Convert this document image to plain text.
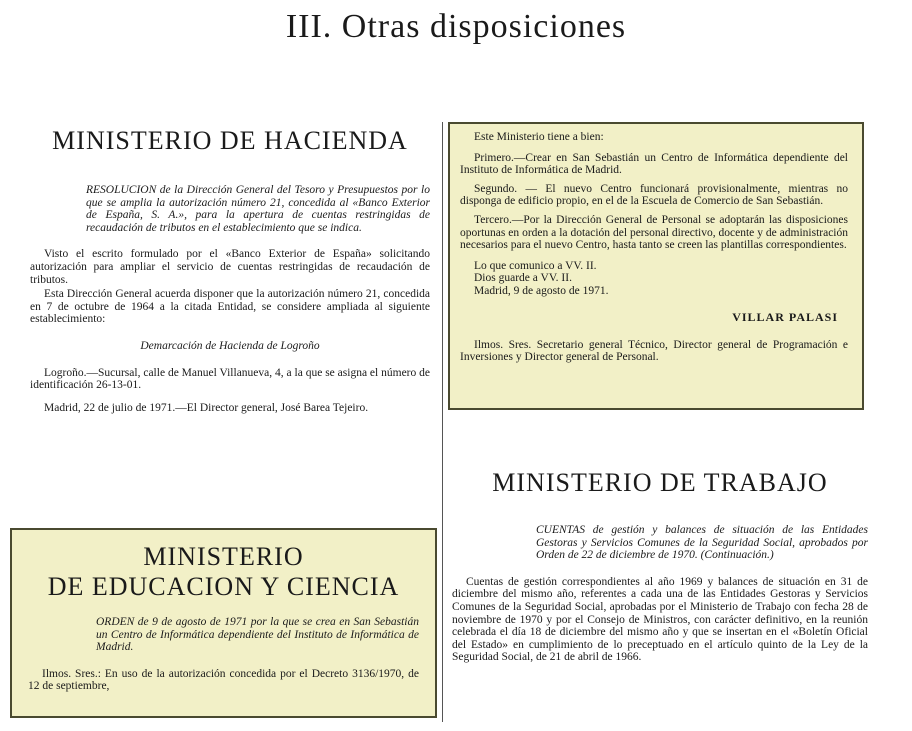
III. Otras disposiciones
MINISTERIO DE HACIENDA

RESOLUCION de la Dirección General del Tesoro y Presupuestos por lo que se amplia la autorización número 21, concedida al «Banco Exterior de España, S. A.», para la apertura de cuentas restringidas de recaudación de tributos en el establecimiento que se indica.

Visto el escrito formulado por el «Banco Exterior de España» solicitando autorización para ampliar el servicio de cuentas restringidas de recaudación de tributos.

Esta Dirección General acuerda disponer que la autorización número 21, concedida en 7 de octubre de 1964 a la citada Entidad, se considere ampliada al siguiente establecimiento:

Demarcación de Hacienda de Logroño

Logroño.—Sucursal, calle de Manuel Villanueva, 4, a la que se asigna el número de identificación 26-13-01.

Madrid, 22 de julio de 1971.—El Director general, José Barea Tejeiro.

MINISTERIO
DE EDUCACION Y CIENCIA

ORDEN de 9 de agosto de 1971 por la que se crea en San Sebastián un Centro de Informática dependiente del Instituto de Informática de Madrid.

Ilmos. Sres.: En uso de la autorización concedida por el Decreto 3136/1970, de 12 de septiembre,

Este Ministerio tiene a bien:

Primero.—Crear en San Sebastián un Centro de Informática dependiente del Instituto de Informática de Madrid.

Segundo. — El nuevo Centro funcionará provisionalmente, mientras no disponga de edificio propio, en el de la Escuela de Comercio de San Sebastián.

Tercero.—Por la Dirección General de Personal se adoptarán las disposiciones oportunas en orden a la dotación del personal directivo, docente y de administración necesarios para el nuevo Centro, hasta tanto se creen las plantillas correspondientes.

Lo que comunico a VV. II.

Dios guarde a VV. II.

Madrid, 9 de agosto de 1971.

VILLAR PALASI

Ilmos. Sres. Secretario general Técnico, Director general de Programación e Inversiones y Director general de Personal.

MINISTERIO DE TRABAJO

CUENTAS de gestión y balances de situación de las Entidades Gestoras y Servicios Comunes de la Seguridad Social, aprobados por Orden de 22 de diciembre de 1970. (Continuación.)

Cuentas de gestión correspondientes al año 1969 y balances de situación en 31 de diciembre del mismo año, referentes a cada una de las Entidades Gestoras y Servicios Comunes de la Seguridad Social, aprobadas por el Ministerio de Trabajo con fecha 28 de noviembre de 1970 y por el Consejo de Ministros, con carácter definitivo, en la reunión celebrada el día 18 de diciembre del mismo año y que se insertan en el «Boletín Oficial del Estado» en cumplimiento de lo preceptuado en el artículo quinto de la Ley de la Seguridad Social, de 21 de abril de 1966.
